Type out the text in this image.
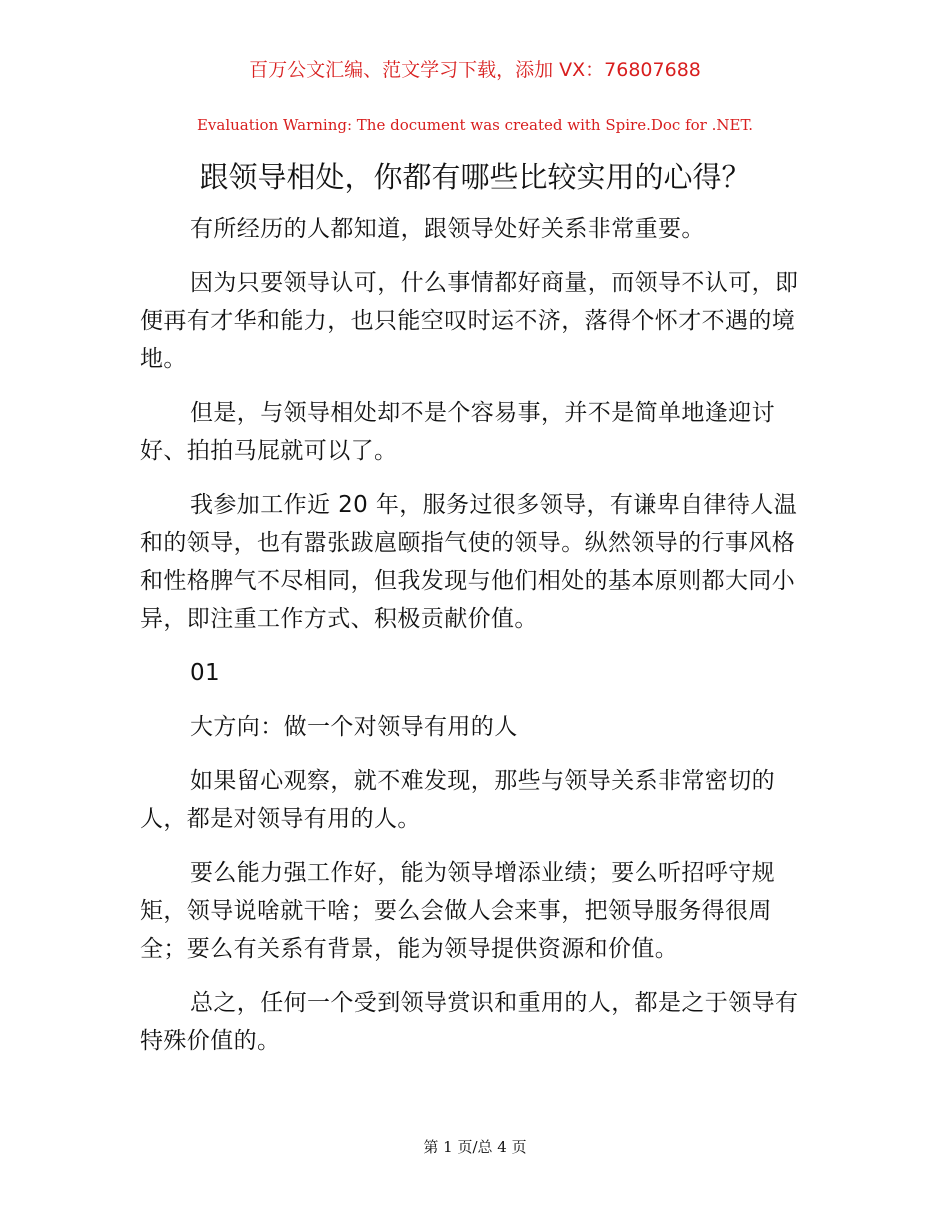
百万公文汇编、范文学习下载，添加 VX：76807688
Evaluation Warning: The document was created with Spire.Doc for .NET.
跟领导相处，你都有哪些比较实用的心得？

有所经历的人都知道，跟领导处好关系非常重要。

因为只要领导认可，什么事情都好商量，而领导不认可，即便再有才华和能力，也只能空叹时运不济，落得个怀才不遇的境地。

但是，与领导相处却不是个容易事，并不是简单地逢迎讨好、拍拍马屁就可以了。

我参加工作近 20 年，服务过很多领导，有谦卑自律待人温和的领导，也有嚣张跋扈颐指气使的领导。纵然领导的行事风格和性格脾气不尽相同，但我发现与他们相处的基本原则都大同小异，即注重工作方式、积极贡献价值。

01

大方向：做一个对领导有用的人

如果留心观察，就不难发现，那些与领导关系非常密切的人，都是对领导有用的人。

要么能力强工作好，能为领导增添业绩；要么听招呼守规矩，领导说啥就干啥；要么会做人会来事，把领导服务得很周全；要么有关系有背景，能为领导提供资源和价值。

总之，任何一个受到领导赏识和重用的人，都是之于领导有特殊价值的。

第 1 页/总 4 页
